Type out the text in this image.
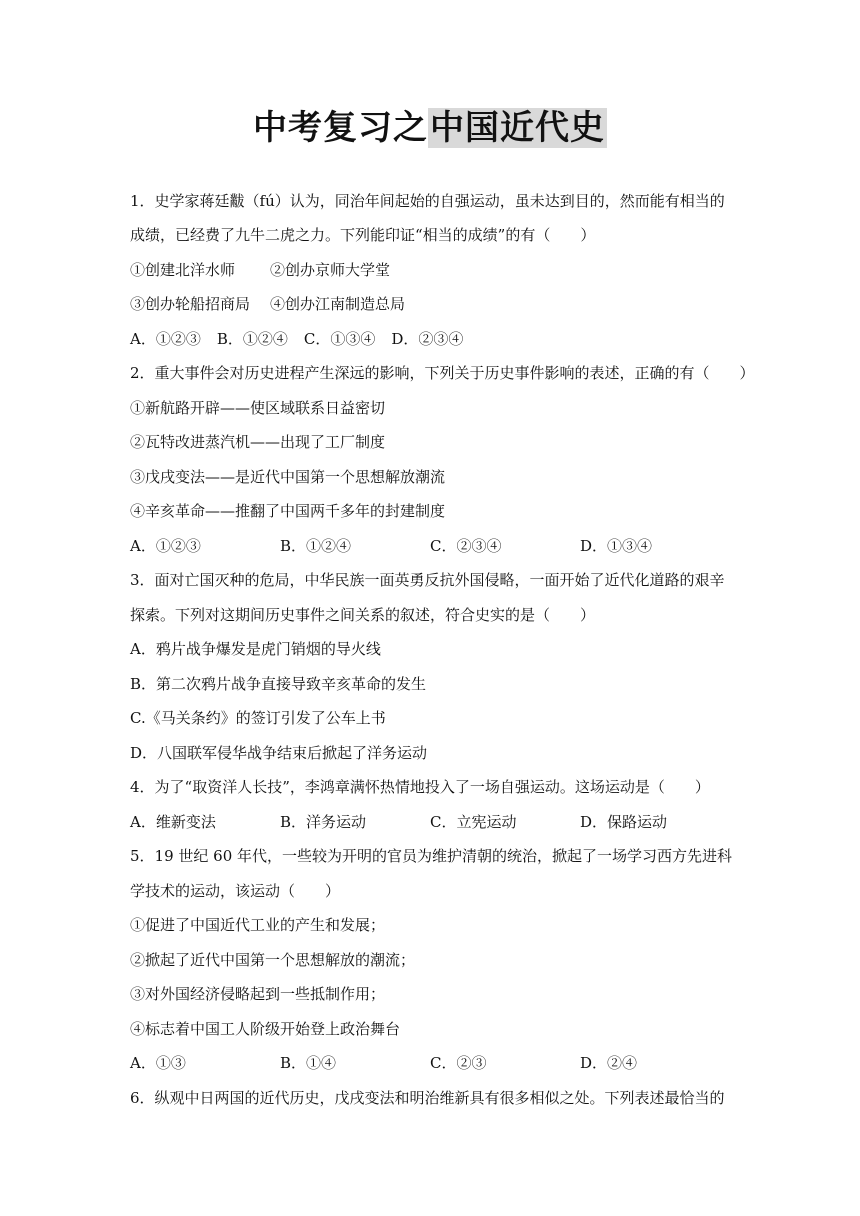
中考复习之中国近代史
1．史学家蒋廷黻（fú）认为，同治年间起始的自强运动，虽未达到目的，然而能有相当的
成绩，已经费了九牛二虎之力。下列能印证“相当的成绩”的有（　　）
①创建北洋水师 ②创办京师大学堂
③创办轮船招商局 ④创办江南制造总局
A．①②③ B．①②④ C．①③④ D．②③④
2．重大事件会对历史进程产生深远的影响，下列关于历史事件影响的表述，正确的有（　　）
①新航路开辟——使区域联系日益密切
②瓦特改进蒸汽机——出现了工厂制度
③戊戌变法——是近代中国第一个思想解放潮流
④辛亥革命——推翻了中国两千多年的封建制度
A．①②③	B．①②④	C．②③④	D．①③④
3．面对亡国灭种的危局，中华民族一面英勇反抗外国侵略，一面开始了近代化道路的艰辛
探索。下列对这期间历史事件之间关系的叙述，符合史实的是（　　）
A．鸦片战争爆发是虎门销烟的导火线
B．第二次鸦片战争直接导致辛亥革命的发生
C.《马关条约》的签订引发了公车上书
D．八国联军侵华战争结束后掀起了洋务运动
4．为了“取资洋人长技”，李鸿章满怀热情地投入了一场自强运动。这场运动是（　　）
A．维新变法	B．洋务运动	C．立宪运动	D．保路运动
5．19 世纪 60 年代，一些较为开明的官员为维护清朝的统治，掀起了一场学习西方先进科
学技术的运动，该运动（　　）
①促进了中国近代工业的产生和发展；
②掀起了近代中国第一个思想解放的潮流；
③对外国经济侵略起到一些抵制作用；
④标志着中国工人阶级开始登上政治舞台
A．①③	B．①④	C．②③	D．②④
6．纵观中日两国的近代历史，戊戌变法和明治维新具有很多相似之处。下列表述最恰当的
